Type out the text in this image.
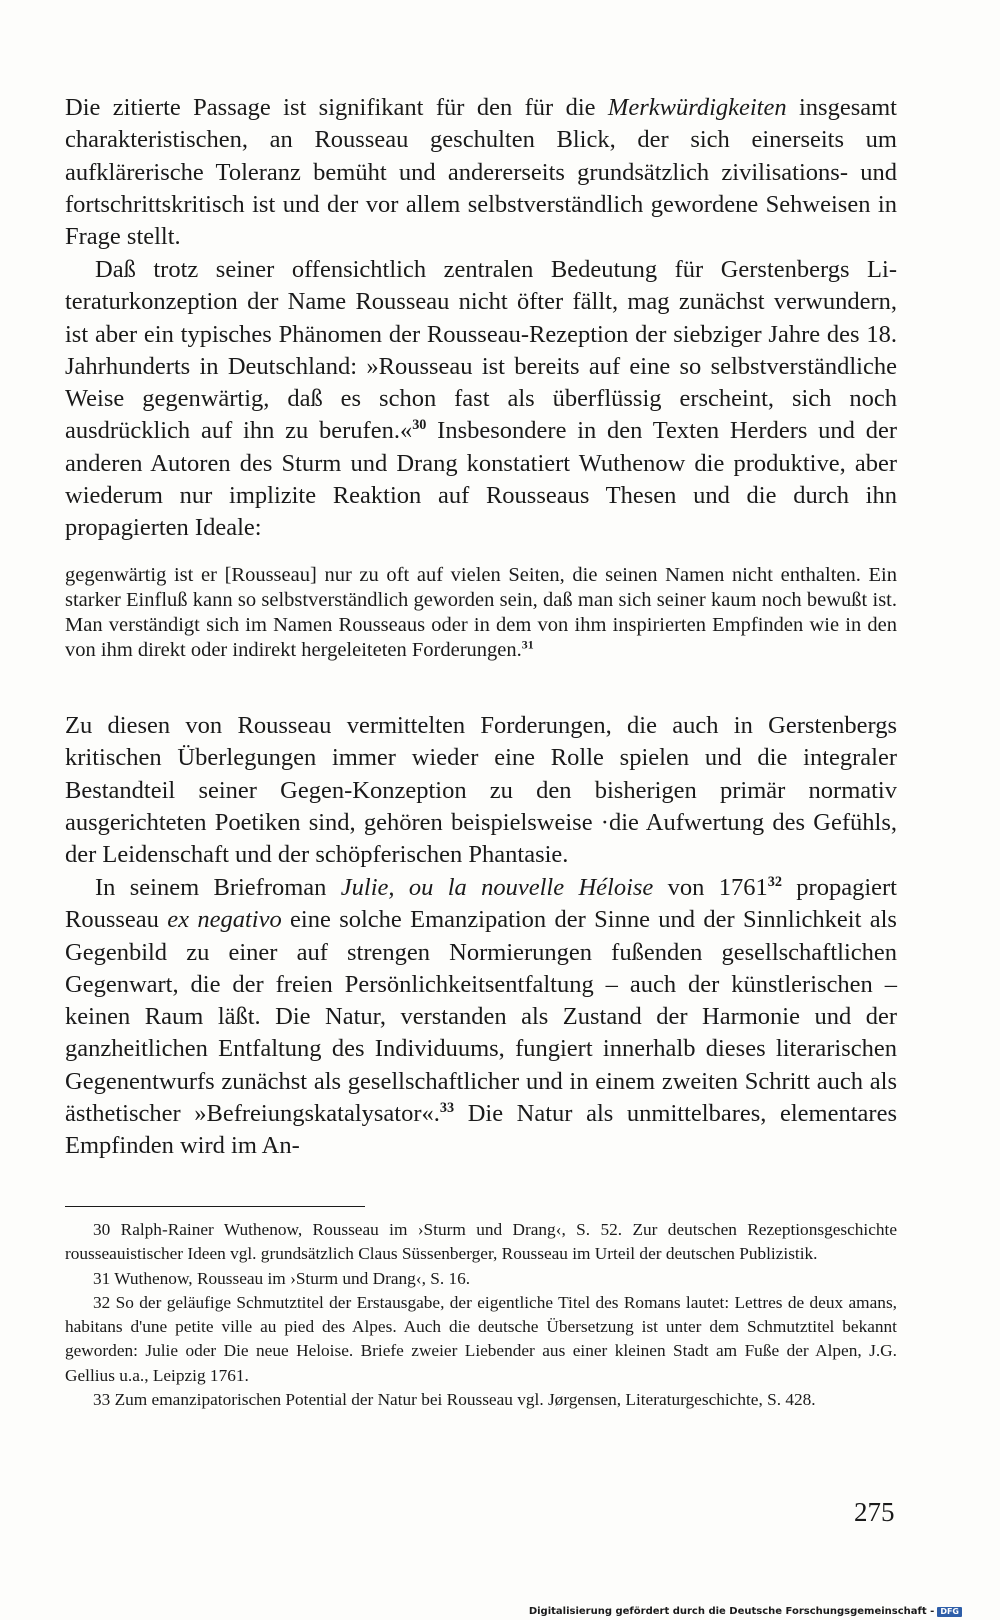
Die zitierte Passage ist signifikant für den für die Merkwürdigkeiten insgesamt charakteristischen, an Rousseau geschulten Blick, der sich einerseits um aufklärerische Toleranz bemüht und andererseits grundsätzlich zivilisations- und fortschrittskritisch ist und der vor allem selbstverständlich gewordene Sehweisen in Frage stellt.

Daß trotz seiner offensichtlich zentralen Bedeutung für Gerstenbergs Literaturkonzeption der Name Rousseau nicht öfter fällt, mag zunächst verwundern, ist aber ein typisches Phänomen der Rousseau-Rezeption der siebziger Jahre des 18. Jahrhunderts in Deutschland: »Rousseau ist bereits auf eine so selbstverständliche Weise gegenwärtig, daß es schon fast als überflüssig erscheint, sich noch ausdrücklich auf ihn zu berufen.«$^{30}$ Insbesondere in den Texten Herders und der anderen Autoren des Sturm und Drang konstatiert Wuthenow die produktive, aber wiederum nur implizite Reaktion auf Rousseaus Thesen und die durch ihn propagierten Ideale:

gegenwärtig ist er [Rousseau] nur zu oft auf vielen Seiten, die seinen Namen nicht enthalten. Ein starker Einfluß kann so selbstverständlich geworden sein, daß man sich seiner kaum noch bewußt ist. Man verständigt sich im Namen Rousseaus oder in dem von ihm inspirierten Empfinden wie in den von ihm direkt oder indirekt hergeleiteten Forderungen.$^{31}$

Zu diesen von Rousseau vermittelten Forderungen, die auch in Gerstenbergs kritischen Überlegungen immer wieder eine Rolle spielen und die integraler Bestandteil seiner Gegen-Konzeption zu den bisherigen primär normativ ausgerichteten Poetiken sind, gehören beispielsweise ·die Aufwertung des Gefühls, der Leidenschaft und der schöpferischen Phantasie.

In seinem Briefroman Julie, ou la nouvelle Héloise von 1761$^{32}$ propagiert Rousseau ex negativo eine solche Emanzipation der Sinne und der Sinnlichkeit als Gegenbild zu einer auf strengen Normierungen fußenden gesellschaftlichen Gegenwart, die der freien Persönlichkeitsentfaltung – auch der künstlerischen – keinen Raum läßt. Die Natur, verstanden als Zustand der Harmonie und der ganzheitlichen Entfaltung des Individuums, fungiert innerhalb dieses literarischen Gegenentwurfs zunächst als gesellschaftlicher und in einem zweiten Schritt auch als ästhetischer »Befreiungskatalysator«.$^{33}$ Die Natur als unmittelbares, elementares Empfinden wird im An-

30 Ralph-Rainer Wuthenow, Rousseau im ›Sturm und Drang‹, S. 52. Zur deutschen Rezeptionsgeschichte rousseauistischer Ideen vgl. grundsätzlich Claus Süssenberger, Rousseau im Urteil der deutschen Publizistik.

31 Wuthenow, Rousseau im ›Sturm und Drang‹, S. 16.

32 So der geläufige Schmutztitel der Erstausgabe, der eigentliche Titel des Romans lautet: Lettres de deux amans, habitans d'une petite ville au pied des Alpes. Auch die deutsche Übersetzung ist unter dem Schmutztitel bekannt geworden: Julie oder Die neue Heloise. Briefe zweier Liebender aus einer kleinen Stadt am Fuße der Alpen, J.G. Gellius u.a., Leipzig 1761.

33 Zum emanzipatorischen Potential der Natur bei Rousseau vgl. Jørgensen, Literaturgeschichte, S. 428.

275
Digitalisierung gefördert durch die Deutsche Forschungsgemeinschaft - DFG
